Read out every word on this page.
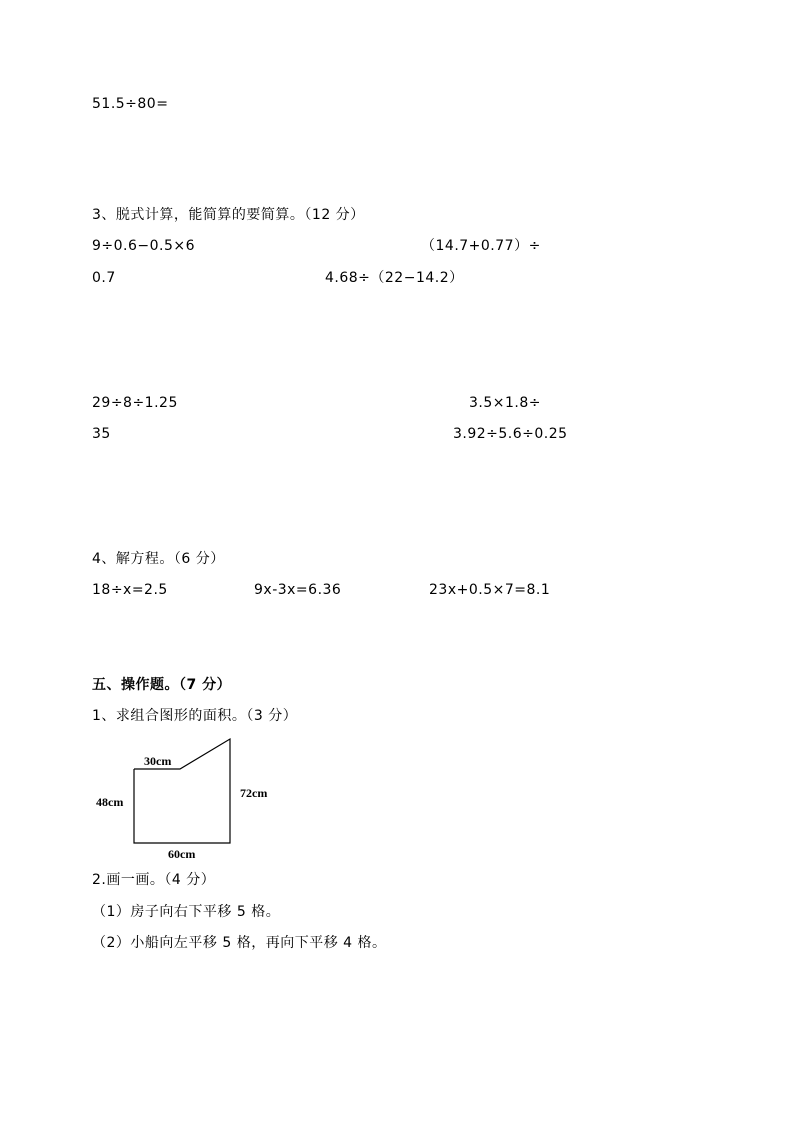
51.5÷80=
3、脱式计算，能简算的要简算。（12 分）
9÷0.6−0.5×6	（14.7+0.77）÷
0.7	4.68÷（22−14.2）
29÷8÷1.25	3.5×1.8÷
35	3.92÷5.6÷0.25
4、解方程。（6 分）
18÷x=2.5	9x-3x=6.36	23x+0.5×7=8.1
五、操作题。（7 分）
1、求组合图形的面积。（3 分）
30cm
48cm
72cm
60cm
2.画一画。（4 分）
（1）房子向右下平移 5 格。
（2）小船向左平移 5 格，再向下平移 4 格。
